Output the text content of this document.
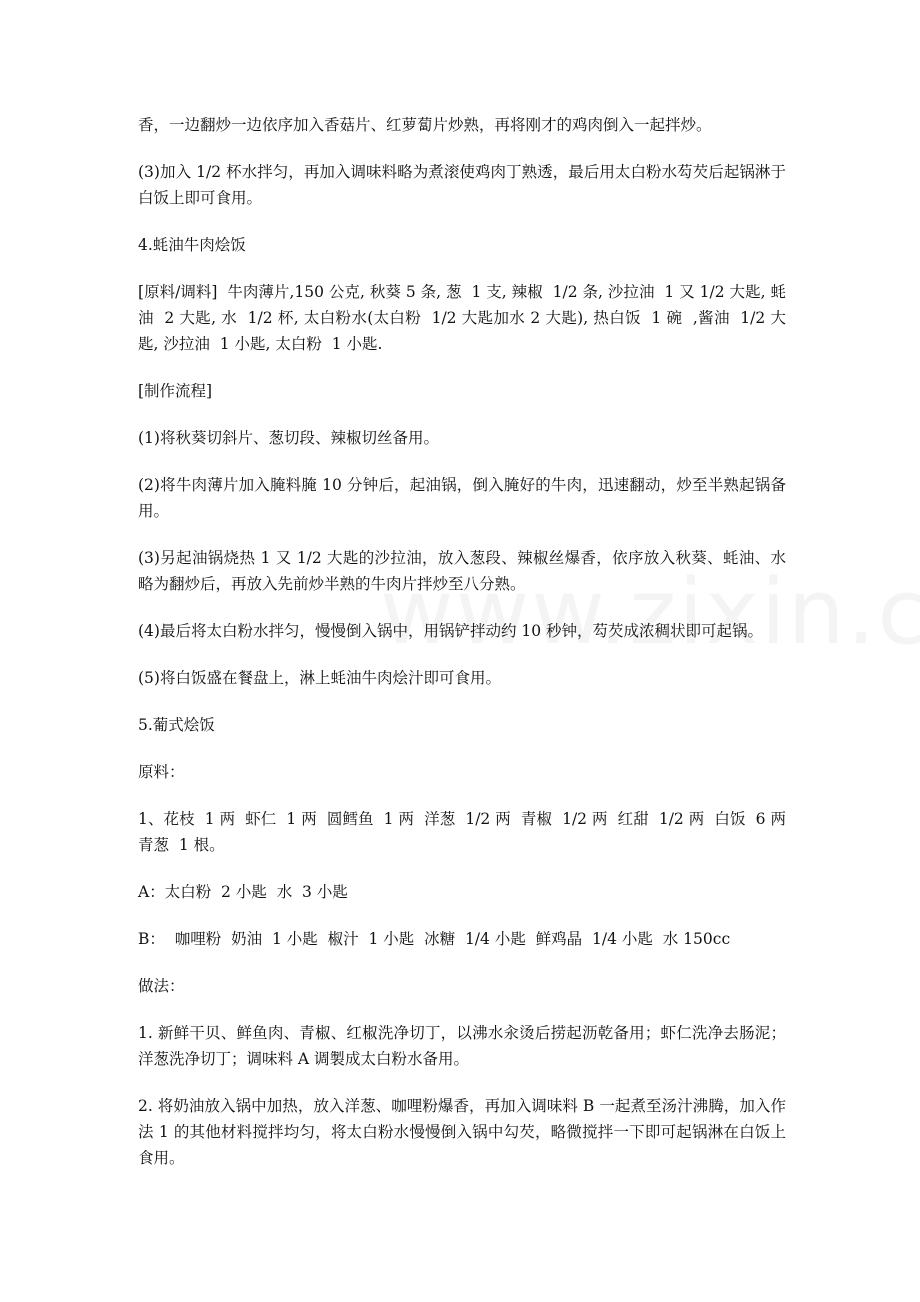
香，一边翻炒一边依序加入香菇片、红萝蔔片炒熟，再将刚才的鸡肉倒入一起拌炒。

(3)加入 1/2 杯水拌匀，再加入调味料略为煮滚使鸡肉丁熟透，最后用太白粉水芶芡后起锅淋于白饭上即可食用。

4.蚝油牛肉烩饭

[原料/调料]  牛肉薄片,150 公克, 秋葵 5 条, 葱  1 支, 辣椒  1/2 条, 沙拉油  1 又 1/2 大匙, 蚝油  2 大匙, 水  1/2 杯, 太白粉水(太白粉  1/2 大匙加水 2 大匙), 热白饭  1 碗  ,酱油  1/2 大匙, 沙拉油  1 小匙, 太白粉  1 小匙.

[制作流程]

(1)将秋葵切斜片、葱切段、辣椒切丝备用。

(2)将牛肉薄片加入腌料腌 10 分钟后，起油锅，倒入腌好的牛肉，迅速翻动，炒至半熟起锅备用。

(3)另起油锅烧热 1 又 1/2 大匙的沙拉油，放入葱段、辣椒丝爆香，依序放入秋葵、蚝油、水略为翻炒后，再放入先前炒半熟的牛肉片拌炒至八分熟。

(4)最后将太白粉水拌匀，慢慢倒入锅中，用锅铲拌动约 10 秒钟，芶芡成浓稠状即可起锅。

(5)将白饭盛在餐盘上，淋上蚝油牛肉烩汁即可食用。

5.葡式烩饭

原料：

1、花枝  1 两  虾仁  1 两  圆鳕鱼  1 两  洋葱  1/2 两  青椒  1/2 两  红甜  1/2 两  白饭  6 两  青葱  1 根。

A：太白粉  2 小匙  水  3 小匙

B：  咖哩粉  奶油  1 小匙  椒汁  1 小匙  冰糖  1/4 小匙  鲜鸡晶  1/4 小匙  水 150cc

做法：

1. 新鲜干贝、鲜鱼肉、青椒、红椒洗净切丁，以沸水汆烫后捞起沥乾备用；虾仁洗净去肠泥；洋葱洗净切丁；调味料 A 调製成太白粉水备用。

2. 将奶油放入锅中加热，放入洋葱、咖哩粉爆香，再加入调味料 B 一起煮至汤汁沸腾，加入作法 1 的其他材料搅拌均匀，将太白粉水慢慢倒入锅中勾芡，略微搅拌一下即可起锅淋在白饭上食用。
